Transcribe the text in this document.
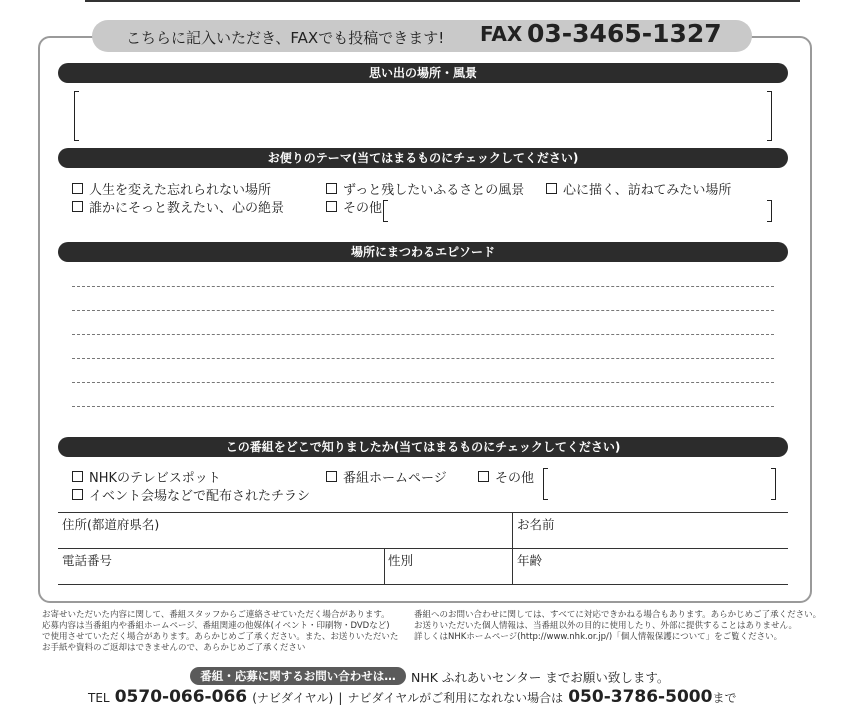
こちらに記入いただき、FAXでも投稿できます! FAX 03-3465-1327
思い出の場所・風景
お便りのテーマ(当てはまるものにチェックしてください)
人生を変えた忘れられない場所	ずっと残したいふるさとの風景	心に描く、訪ねてみたい場所
誰かにそっと教えたい、心の絶景	その他
場所にまつわるエピソード
この番組をどこで知りましたか(当てはまるものにチェックしてください)
NHKのテレビスポット	番組ホームページ	その他
イベント会場などで配布されたチラシ
住所(都道府県名)	お名前
電話番号	性別	年齢
お寄せいただいた内容に関して、番組スタッフからご連絡させていただく場合があります。
応募内容は当番組内や番組ホームページ、番組関連の他媒体(イベント・印刷物・DVDなど)
で使用させていただく場合があります。あらかじめご了承ください。また、お送りいただいた
お手紙や資料のご返却はできませんので、あらかじめご了承ください
番組へのお問い合わせに関しては、すべてに対応できかねる場合もあります。あらかじめご了承ください。
お送りいただいた個人情報は、当番組以外の目的に使用したり、外部に提供することはありません。
詳しくはNHKホームページ(http://www.nhk.or.jp/)「個人情報保護について」をご覧ください。
番組・応募に関するお問い合わせは…	NHK ふれあいセンター までお願い致します。
TEL 0570-066-066 (ナビダイヤル) | ナビダイヤルがご利用になれない場合は 050-3786-5000まで
